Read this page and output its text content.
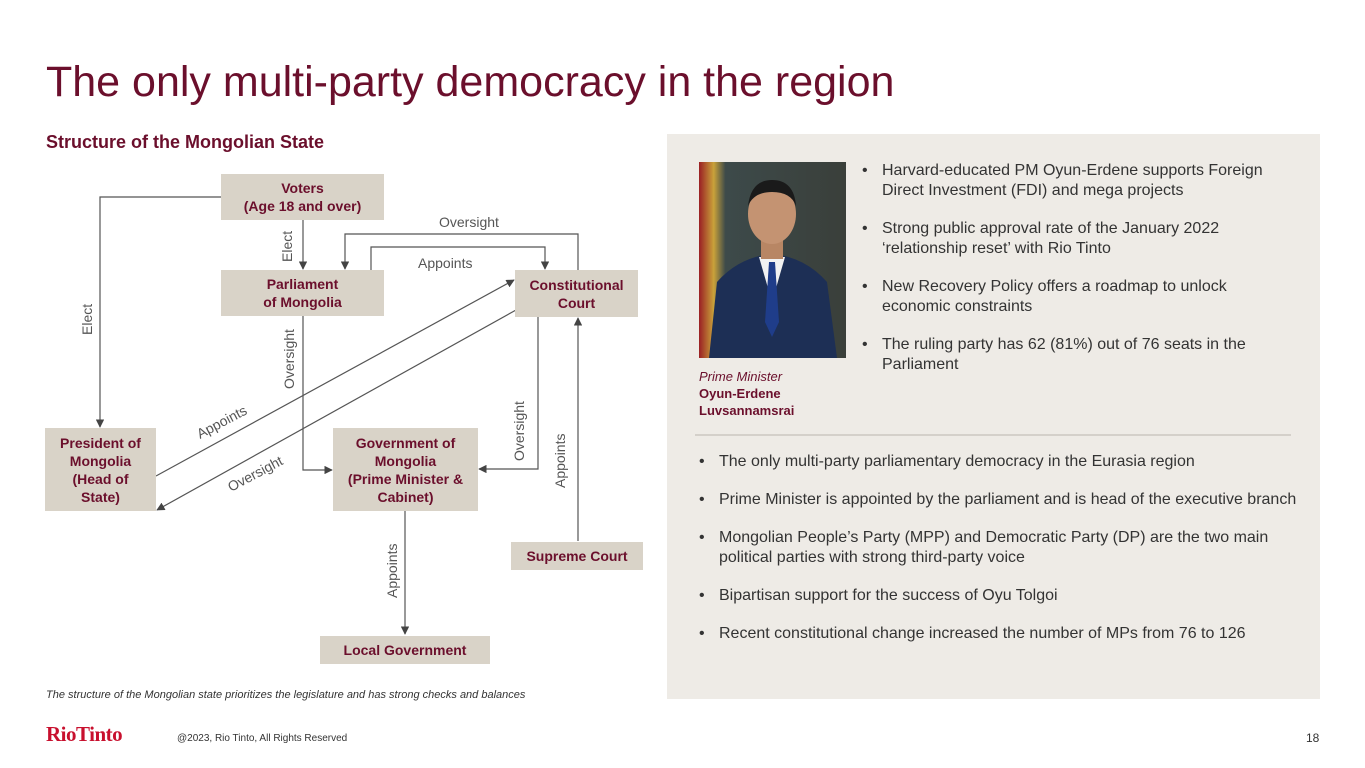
The only multi-party democracy in the region
Structure of the Mongolian State
Elect
Elect
Oversight
Appoints
Oversight
Appoints
Oversight
Oversight Appoints
Appoints
Voters
(Age 18 and over)
Parliament
of Mongolia
Constitutional
Court
President of
Mongolia
(Head of
State)
Government of
Mongolia
(Prime Minister &
Cabinet)
Supreme Court
Local Government
The structure of the Mongolian state prioritizes the legislature and has strong checks and balances
Prime Minister
Oyun-Erdene
Luvsannamsrai
• Harvard-educated PM Oyun-Erdene supports Foreign Direct Investment (FDI) and mega projects
• Strong public approval rate of the January 2022 ‘relationship reset’ with Rio Tinto
• New Recovery Policy offers a roadmap to unlock economic constraints
• The ruling party has 62 (81%) out of 76 seats in the Parliament
• The only multi-party parliamentary democracy in the Eurasia region
• Prime Minister is appointed by the parliament and is head of the executive branch
• Mongolian People’s Party (MPP) and Democratic Party (DP) are the two main political parties with strong third-party voice
• Bipartisan support for the success of Oyu Tolgoi
• Recent constitutional change increased the number of MPs from 76 to 126
RioTinto	@2023, Rio Tinto, All Rights Reserved	18
